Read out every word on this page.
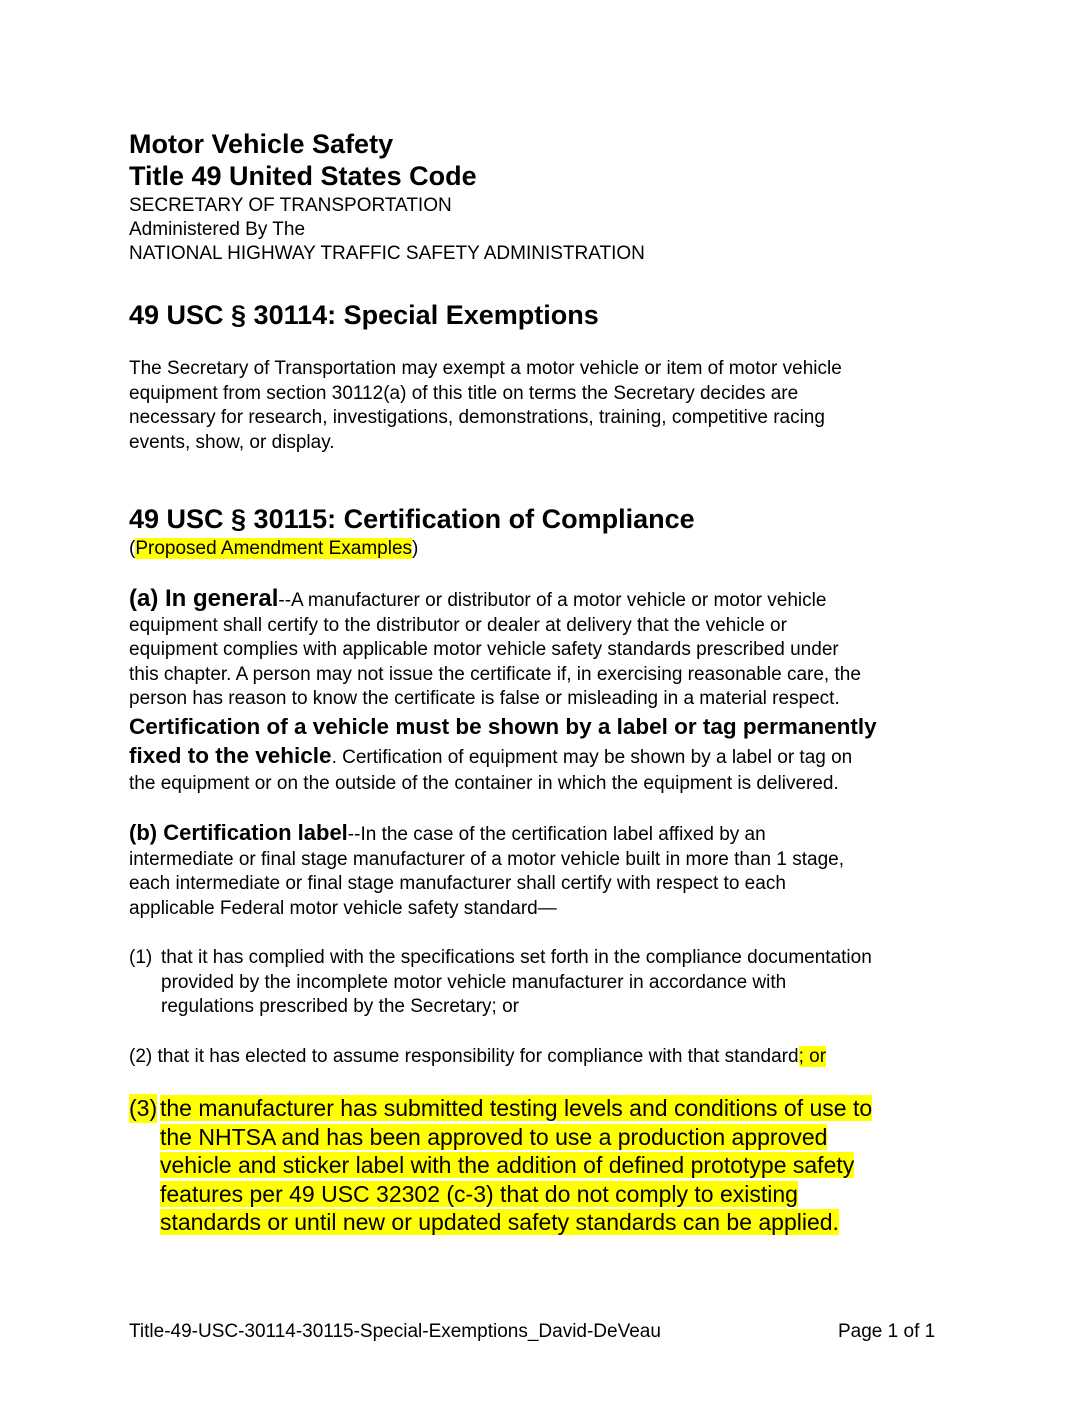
Motor Vehicle Safety
Title 49 United States Code
SECRETARY OF TRANSPORTATION
Administered By The
NATIONAL HIGHWAY TRAFFIC SAFETY ADMINISTRATION
49 USC § 30114: Special Exemptions
The Secretary of Transportation may exempt a motor vehicle or item of motor vehicle
equipment from section 30112(a) of this title on terms the Secretary decides are
necessary for research, investigations, demonstrations, training, competitive racing
events, show, or display.
49 USC § 30115: Certification of Compliance
(Proposed Amendment Examples)
(a) In general--A manufacturer or distributor of a motor vehicle or motor vehicle
equipment shall certify to the distributor or dealer at delivery that the vehicle or
equipment complies with applicable motor vehicle safety standards prescribed under
this chapter. A person may not issue the certificate if, in exercising reasonable care, the
person has reason to know the certificate is false or misleading in a material respect.
Certification of a vehicle must be shown by a label or tag permanently
fixed to the vehicle. Certification of equipment may be shown by a label or tag on
the equipment or on the outside of the container in which the equipment is delivered.
(b) Certification label--In the case of the certification label affixed by an
intermediate or final stage manufacturer of a motor vehicle built in more than 1 stage,
each intermediate or final stage manufacturer shall certify with respect to each
applicable Federal motor vehicle safety standard—
(1) that it has complied with the specifications set forth in the compliance documentation
provided by the incomplete motor vehicle manufacturer in accordance with
regulations prescribed by the Secretary; or
(2) that it has elected to assume responsibility for compliance with that standard; or
(3) the manufacturer has submitted testing levels and conditions of use to
the NHTSA and has been approved to use a production approved
vehicle and sticker label with the addition of defined prototype safety
features per 49 USC 32302 (c-3) that do not comply to existing
standards or until new or updated safety standards can be applied.
Title-49-USC-30114-30115-Special-Exemptions_David-DeVeau	Page 1 of 1
